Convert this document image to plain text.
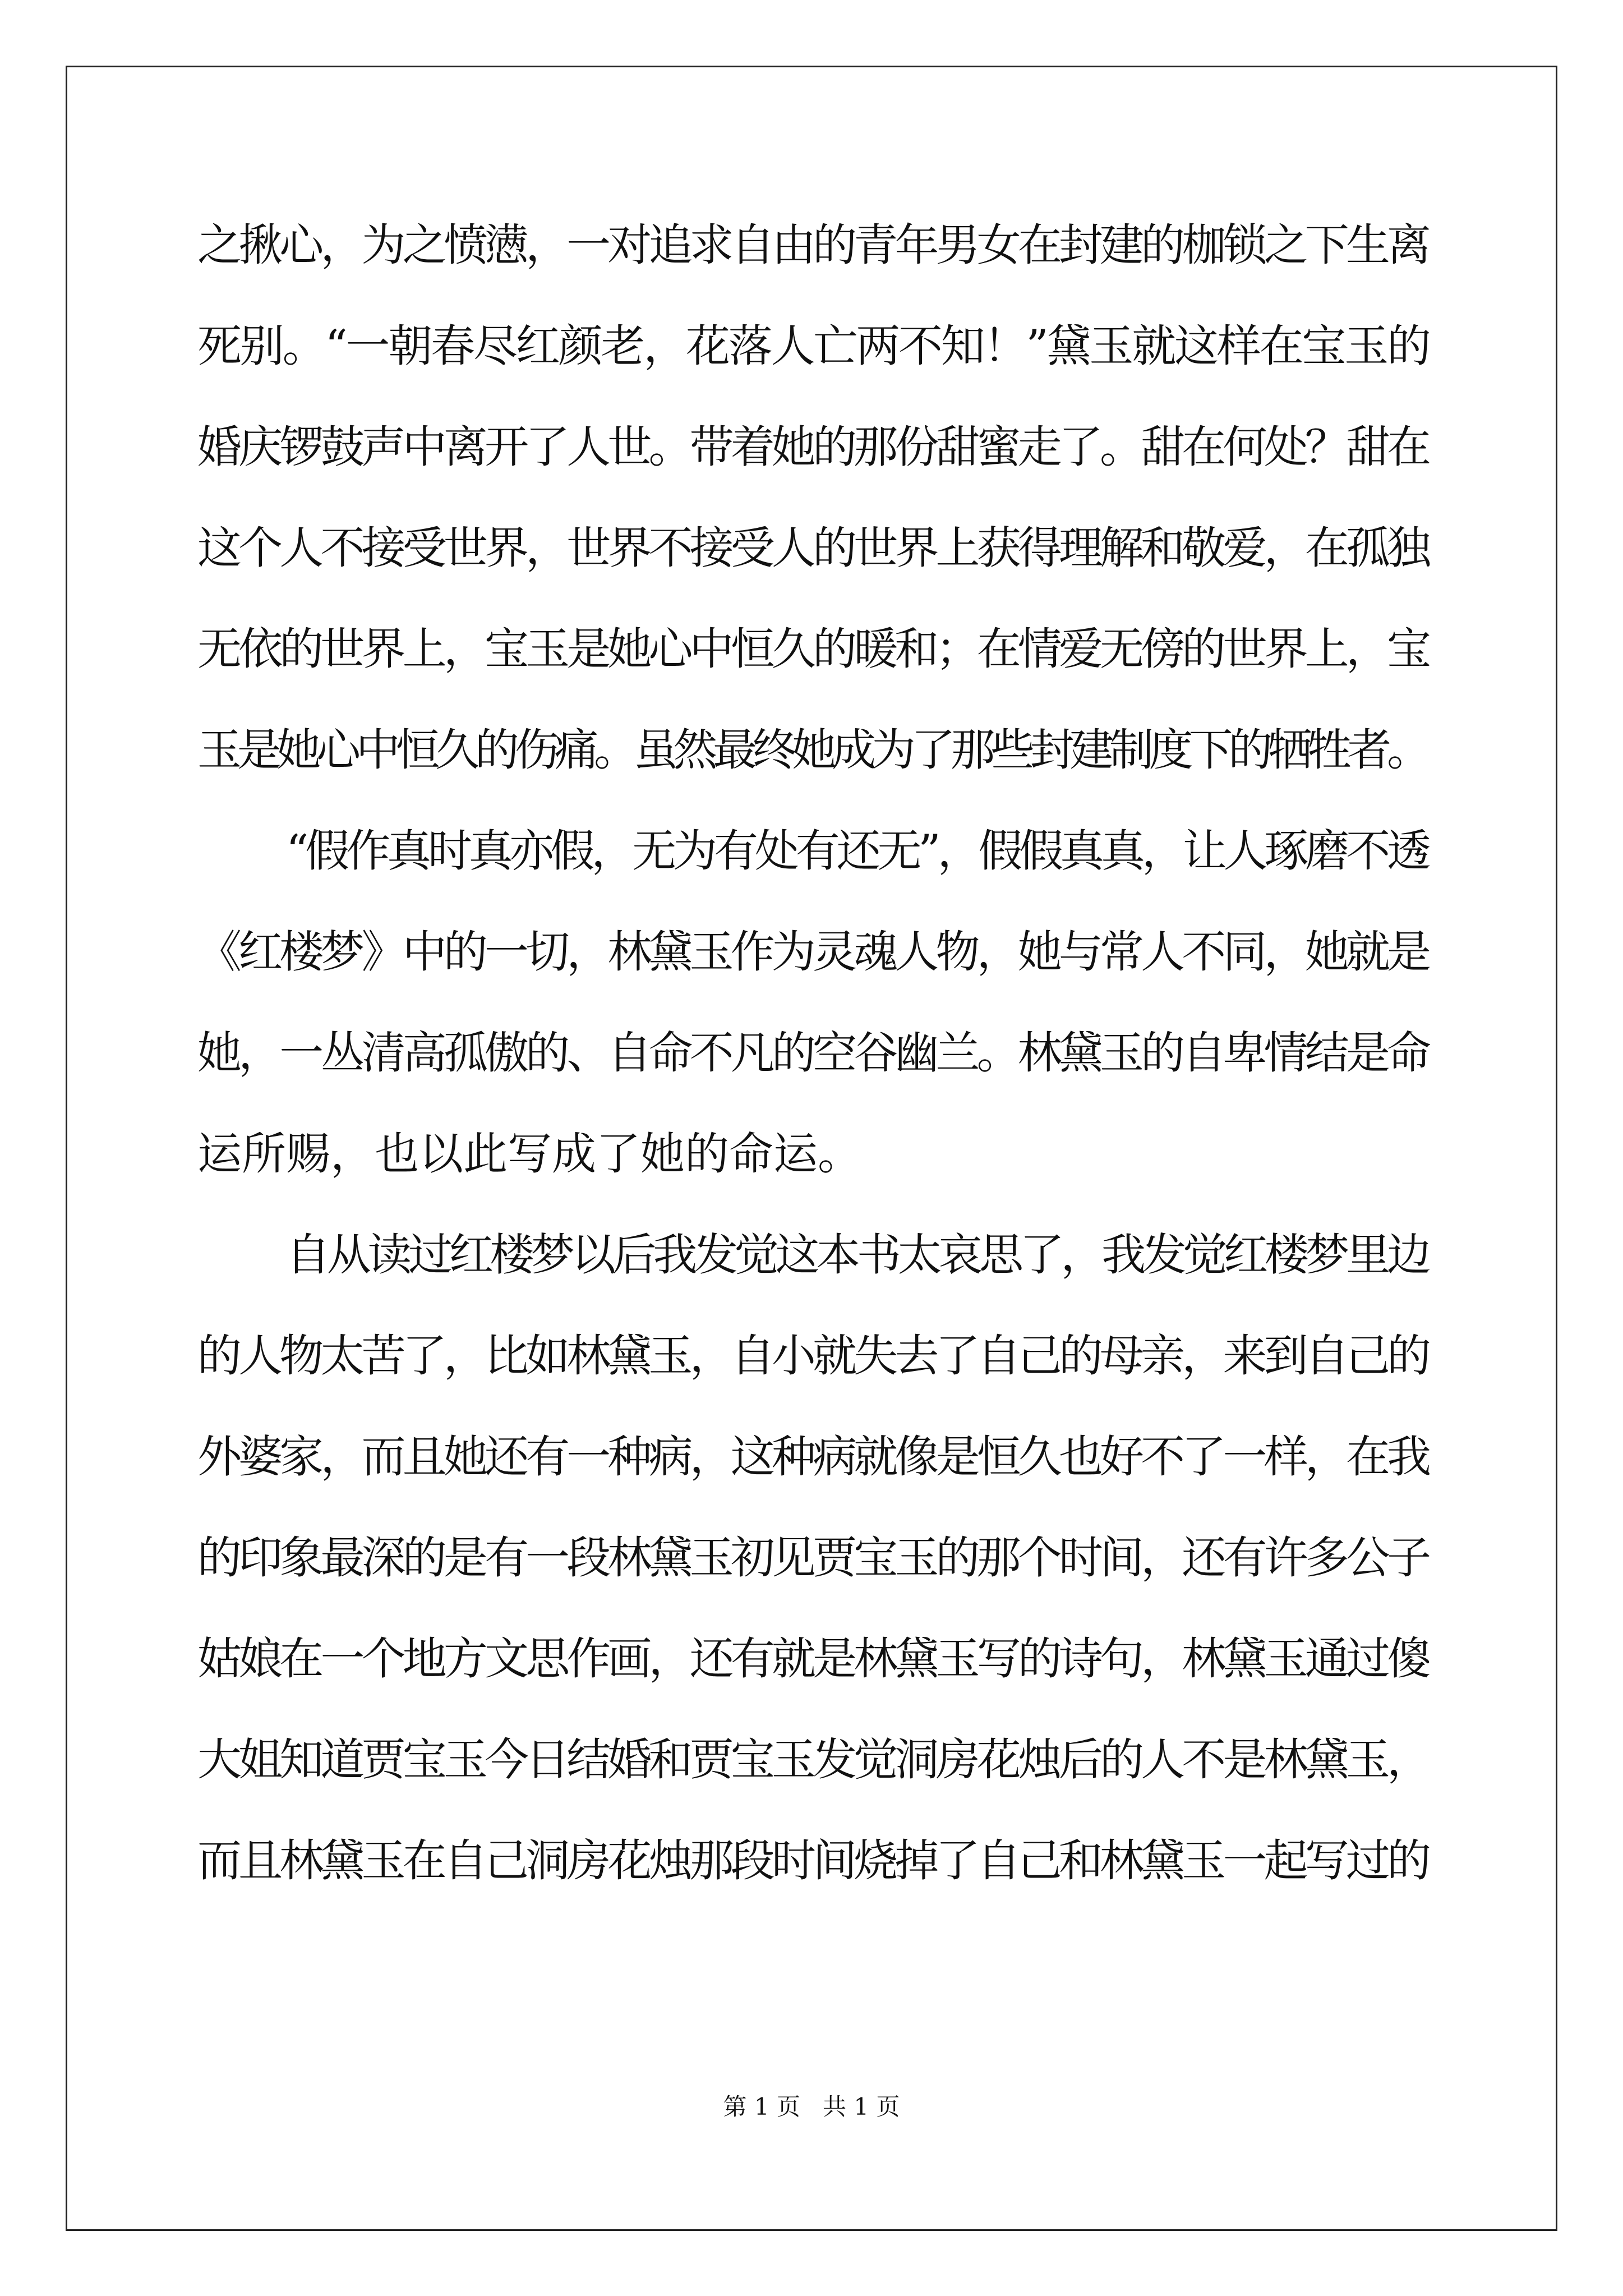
之揪心，为之愤懑，一对追求自由的青年男女在封建的枷锁之下生离
死别。“一朝春尽红颜老，花落人亡两不知！”黛玉就这样在宝玉的
婚庆锣鼓声中离开了人世。带着她的那份甜蜜走了。甜在何处？甜在
这个人不接受世界，世界不接受人的世界上获得理解和敬爱，在孤独
无依的世界上，宝玉是她心中恒久的暖和；在情爱无傍的世界上，宝
玉是她心中恒久的伤痛。虽然最终她成为了那些封建制度下的牺牲者。
“假作真时真亦假，无为有处有还无”，假假真真，让人琢磨不透
《红楼梦》中的一切，林黛玉作为灵魂人物，她与常人不同，她就是
她，一丛清高孤傲的、自命不凡的空谷幽兰。林黛玉的自卑情结是命
运所赐，也以此写成了她的命运。
自从读过红楼梦以后我发觉这本书太哀思了，我发觉红楼梦里边
的人物太苦了，比如林黛玉，自小就失去了自己的母亲，来到自己的
外婆家，而且她还有一种病，这种病就像是恒久也好不了一样，在我
的印象最深的是有一段林黛玉初见贾宝玉的那个时间，还有许多公子
姑娘在一个地方文思作画，还有就是林黛玉写的诗句，林黛玉通过傻
大姐知道贾宝玉今日结婚和贾宝玉发觉洞房花烛后的人不是林黛玉，
而且林黛玉在自己洞房花烛那段时间烧掉了自己和林黛玉一起写过的
第 1 页   共 1 页
